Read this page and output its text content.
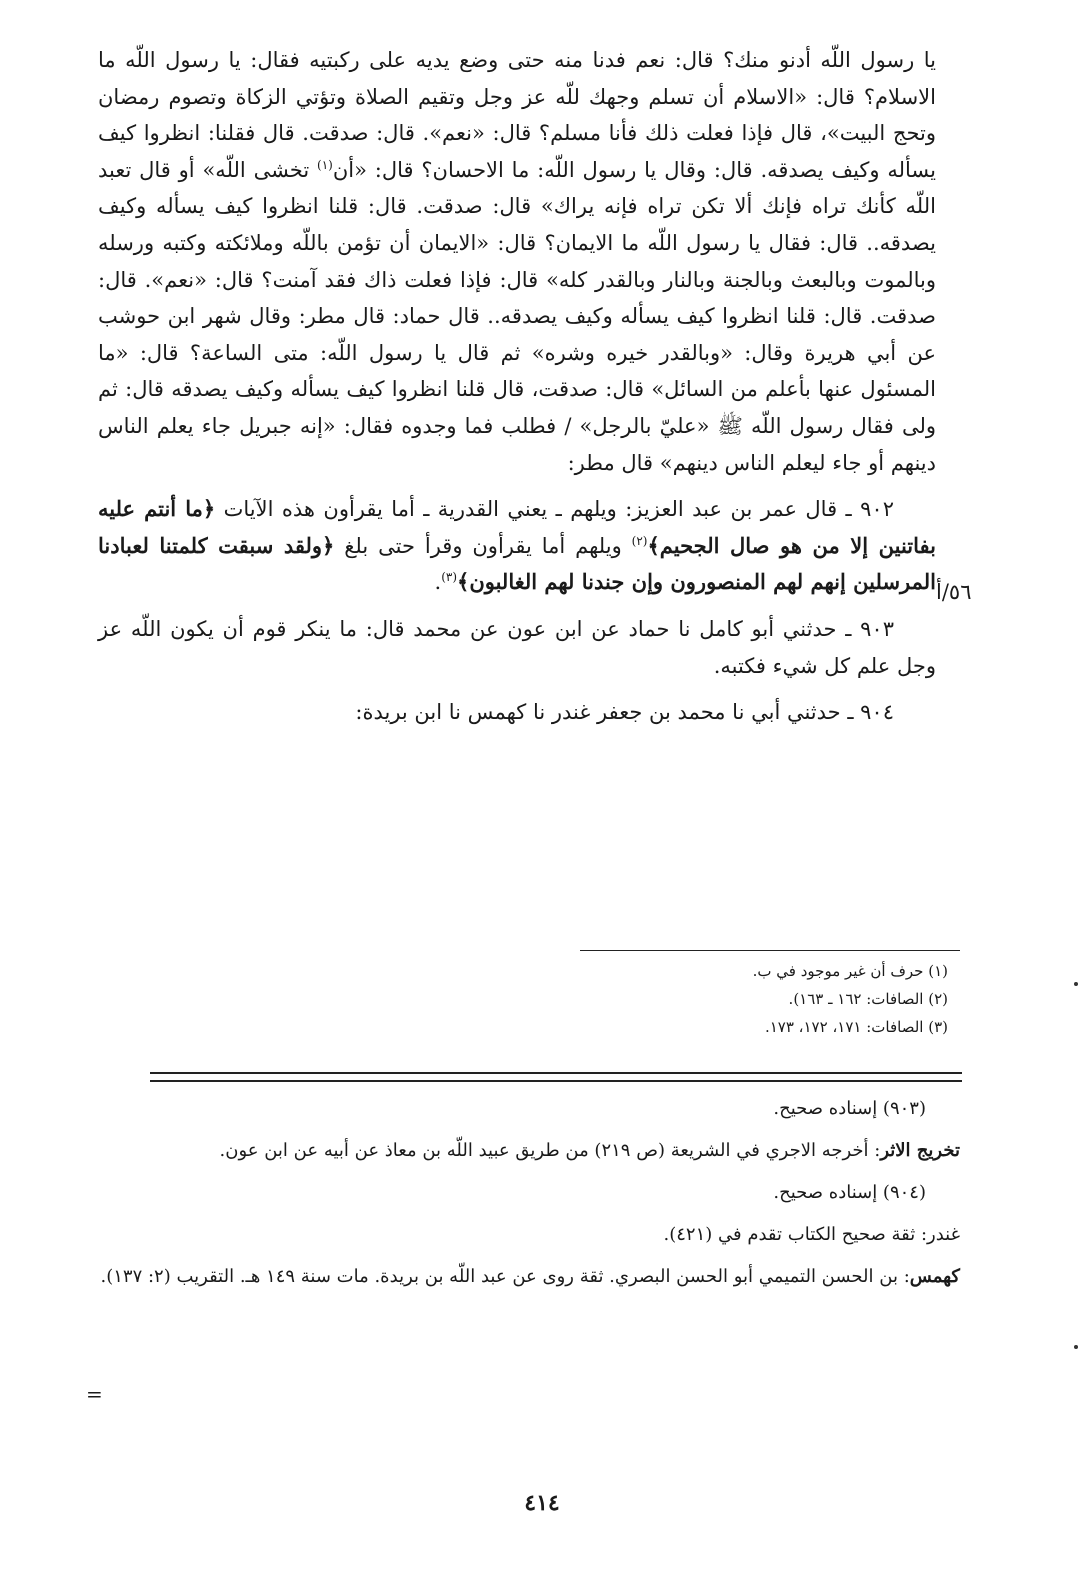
يا رسول اللّه أدنو منك؟ قال: نعم فدنا منه حتى وضع يديه على ركبتيه فقال: يا رسول اللّه ما الاسلام؟ قال: «الاسلام أن تسلم وجهك للّه عز وجل وتقيم الصلاة وتؤتي الزكاة وتصوم رمضان وتحج البيت»، قال فإذا فعلت ذلك فأنا مسلم؟ قال: «نعم». قال: صدقت. قال فقلنا: انظروا كيف يسأله وكيف يصدقه. قال: وقال يا رسول اللّه: ما الاحسان؟ قال: «أن$^{(١)}$ تخشى اللّه» أو قال تعبد اللّه كأنك تراه فإنك ألا تكن تراه فإنه يراك» قال: صدقت. قال: قلنا انظروا كيف يسأله وكيف يصدقه.. قال: فقال يا رسول اللّه ما الايمان؟ قال: «الايمان أن تؤمن باللّه وملائكته وكتبه ورسله وبالموت وبالبعث وبالجنة وبالنار وبالقدر كله» قال: فإذا فعلت ذاك فقد آمنت؟ قال: «نعم». قال: صدقت. قال: قلنا انظروا كيف يسأله وكيف يصدقه.. قال حماد: قال مطر: وقال شهر ابن حوشب عن أبي هريرة وقال: «وبالقدر خيره وشره» ثم قال يا رسول اللّه: متى الساعة؟ قال: «ما المسئول عنها بأعلم من السائل» قال: صدقت، قال قلنا انظروا كيف يسأله وكيف يصدقه قال: ثم ولى فقال رسول اللّه ﷺ «عليّ بالرجل» / فطلب فما وجدوه فقال: «إنه جبريل جاء يعلم الناس دينهم أو جاء ليعلم الناس دينهم» قال مطر:

٥٦/أ

٩٠٢ ـ قال عمر بن عبد العزيز: ويلهم ـ يعني القدرية ـ أما يقرأون هذه الآيات ﴿ما أنتم عليه بفاتنين إلا من هو صال الجحيم﴾$^{(٢)}$ ويلهم أما يقرأون وقرأ حتى بلغ ﴿ولقد سبقت كلمتنا لعبادنا المرسلين إنهم لهم المنصورون وإن جندنا لهم الغالبون﴾$^{(٣)}$.

٩٠٣ ـ حدثني أبو كامل نا حماد عن ابن عون عن محمد قال: ما ينكر قوم أن يكون اللّه عز وجل علم كل شيء فكتبه.

٩٠٤ ـ حدثني أبي نا محمد بن جعفر غندر نا كهمس نا ابن بريدة:

(١) حرف أن غير موجود في ب.
(٢) الصافات: ١٦٢ ـ ١٦٣).
(٣) الصافات: ١٧١، ١٧٢، ١٧٣.

(٩٠٣) إسناده صحيح.

تخريج الاثر: أخرجه الاجري في الشريعة (ص ٢١٩) من طريق عبيد اللّه بن معاذ عن أبيه عن ابن عون.

(٩٠٤) إسناده صحيح.

غندر: ثقة صحيح الكتاب تقدم في (٤٢١).

كهمس: بن الحسن التميمي أبو الحسن البصري. ثقة روى عن عبد اللّه بن بريدة. مات سنة ١٤٩ هـ. التقريب (٢: ١٣٧).

=
٤١٤
